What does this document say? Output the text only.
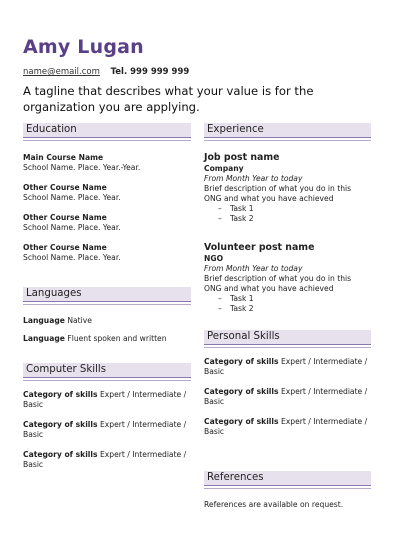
Amy Lugan
name@email.com Tel. 999 999 999
A tagline that describes what your value is for the organization you are applying.
Education
Main Course Name
School Name. Place. Year.-Year.
Other Course Name
School Name. Place. Year.
Other Course Name
School Name. Place. Year.
Other Course Name
School Name. Place. Year.
Languages
Language Native
Language Fluent spoken and written
Computer Skills
Category of skills Expert / Intermediate / Basic
Category of skills Expert / Intermediate / Basic
Category of skills Expert / Intermediate / Basic
Experience
Job post name
Company
From Month Year to today
Brief description of what you do in this ONG and what you have achieved
– Task 1
– Task 2
Volunteer post name
NGO
From Month Year to today
Brief description of what you do in this ONG and what you have achieved
– Task 1
– Task 2
Personal Skills
Category of skills Expert / Intermediate / Basic
Category of skills Expert / Intermediate / Basic
Category of skills Expert / Intermediate / Basic
References
References are available on request.
